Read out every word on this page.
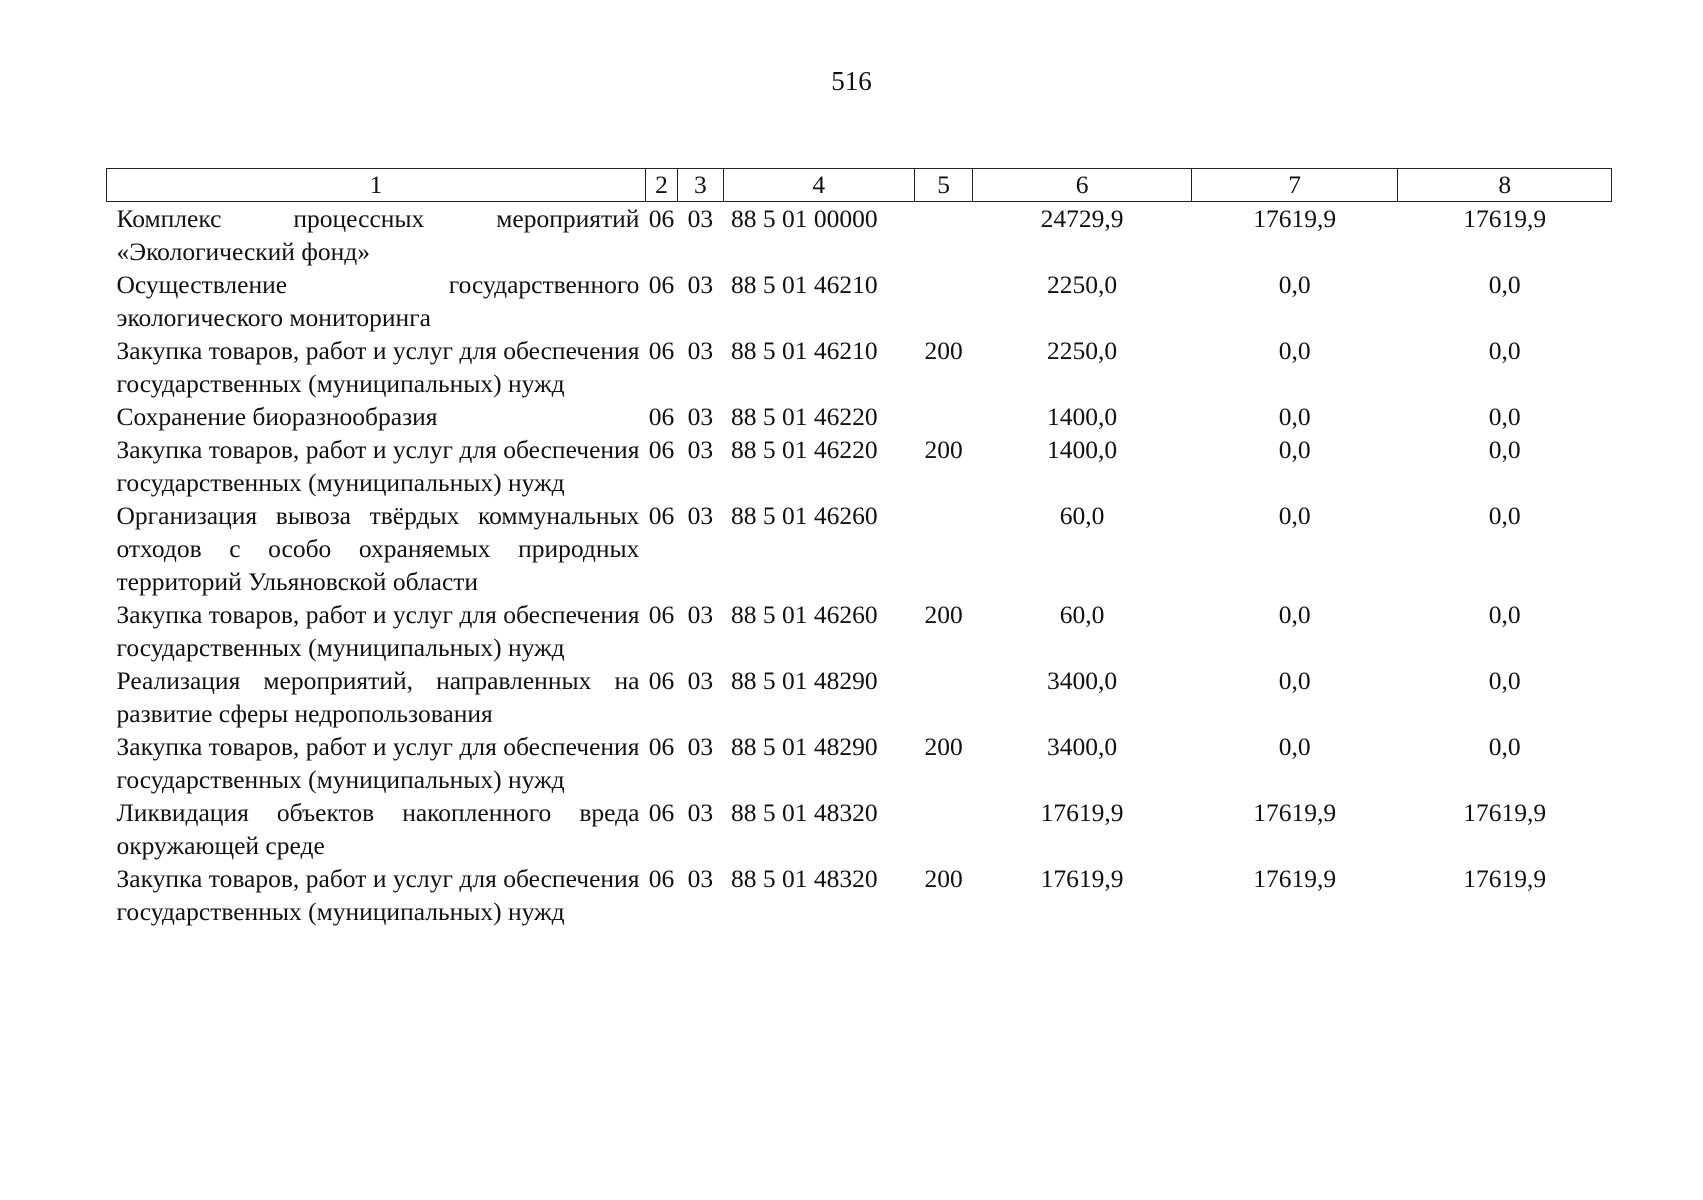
516
1	2	3	4	5	6	7	8
Комплекс процессных мероприятий «Экологический фонд»	06	03	88 5 01 00000		24729,9	17619,9	17619,9
Осуществление государственного экологического мониторинга	06	03	88 5 01 46210		2250,0	0,0	0,0
Закупка товаров, работ и услуг для обеспечения государственных (муниципальных) нужд	06	03	88 5 01 46210	200	2250,0	0,0	0,0
Сохранение биоразнообразия	06	03	88 5 01 46220		1400,0	0,0	0,0
Закупка товаров, работ и услуг для обеспечения государственных (муниципальных) нужд	06	03	88 5 01 46220	200	1400,0	0,0	0,0
Организация вывоза твёрдых коммунальных отходов с особо охраняемых природных территорий Ульяновской области	06	03	88 5 01 46260		60,0	0,0	0,0
Закупка товаров, работ и услуг для обеспечения государственных (муниципальных) нужд	06	03	88 5 01 46260	200	60,0	0,0	0,0
Реализация мероприятий, направленных на развитие сферы недропользования	06	03	88 5 01 48290		3400,0	0,0	0,0
Закупка товаров, работ и услуг для обеспечения государственных (муниципальных) нужд	06	03	88 5 01 48290	200	3400,0	0,0	0,0
Ликвидация объектов накопленного вреда окружающей среде	06	03	88 5 01 48320		17619,9	17619,9	17619,9
Закупка товаров, работ и услуг для обеспечения государственных (муниципальных) нужд	06	03	88 5 01 48320	200	17619,9	17619,9	17619,9
